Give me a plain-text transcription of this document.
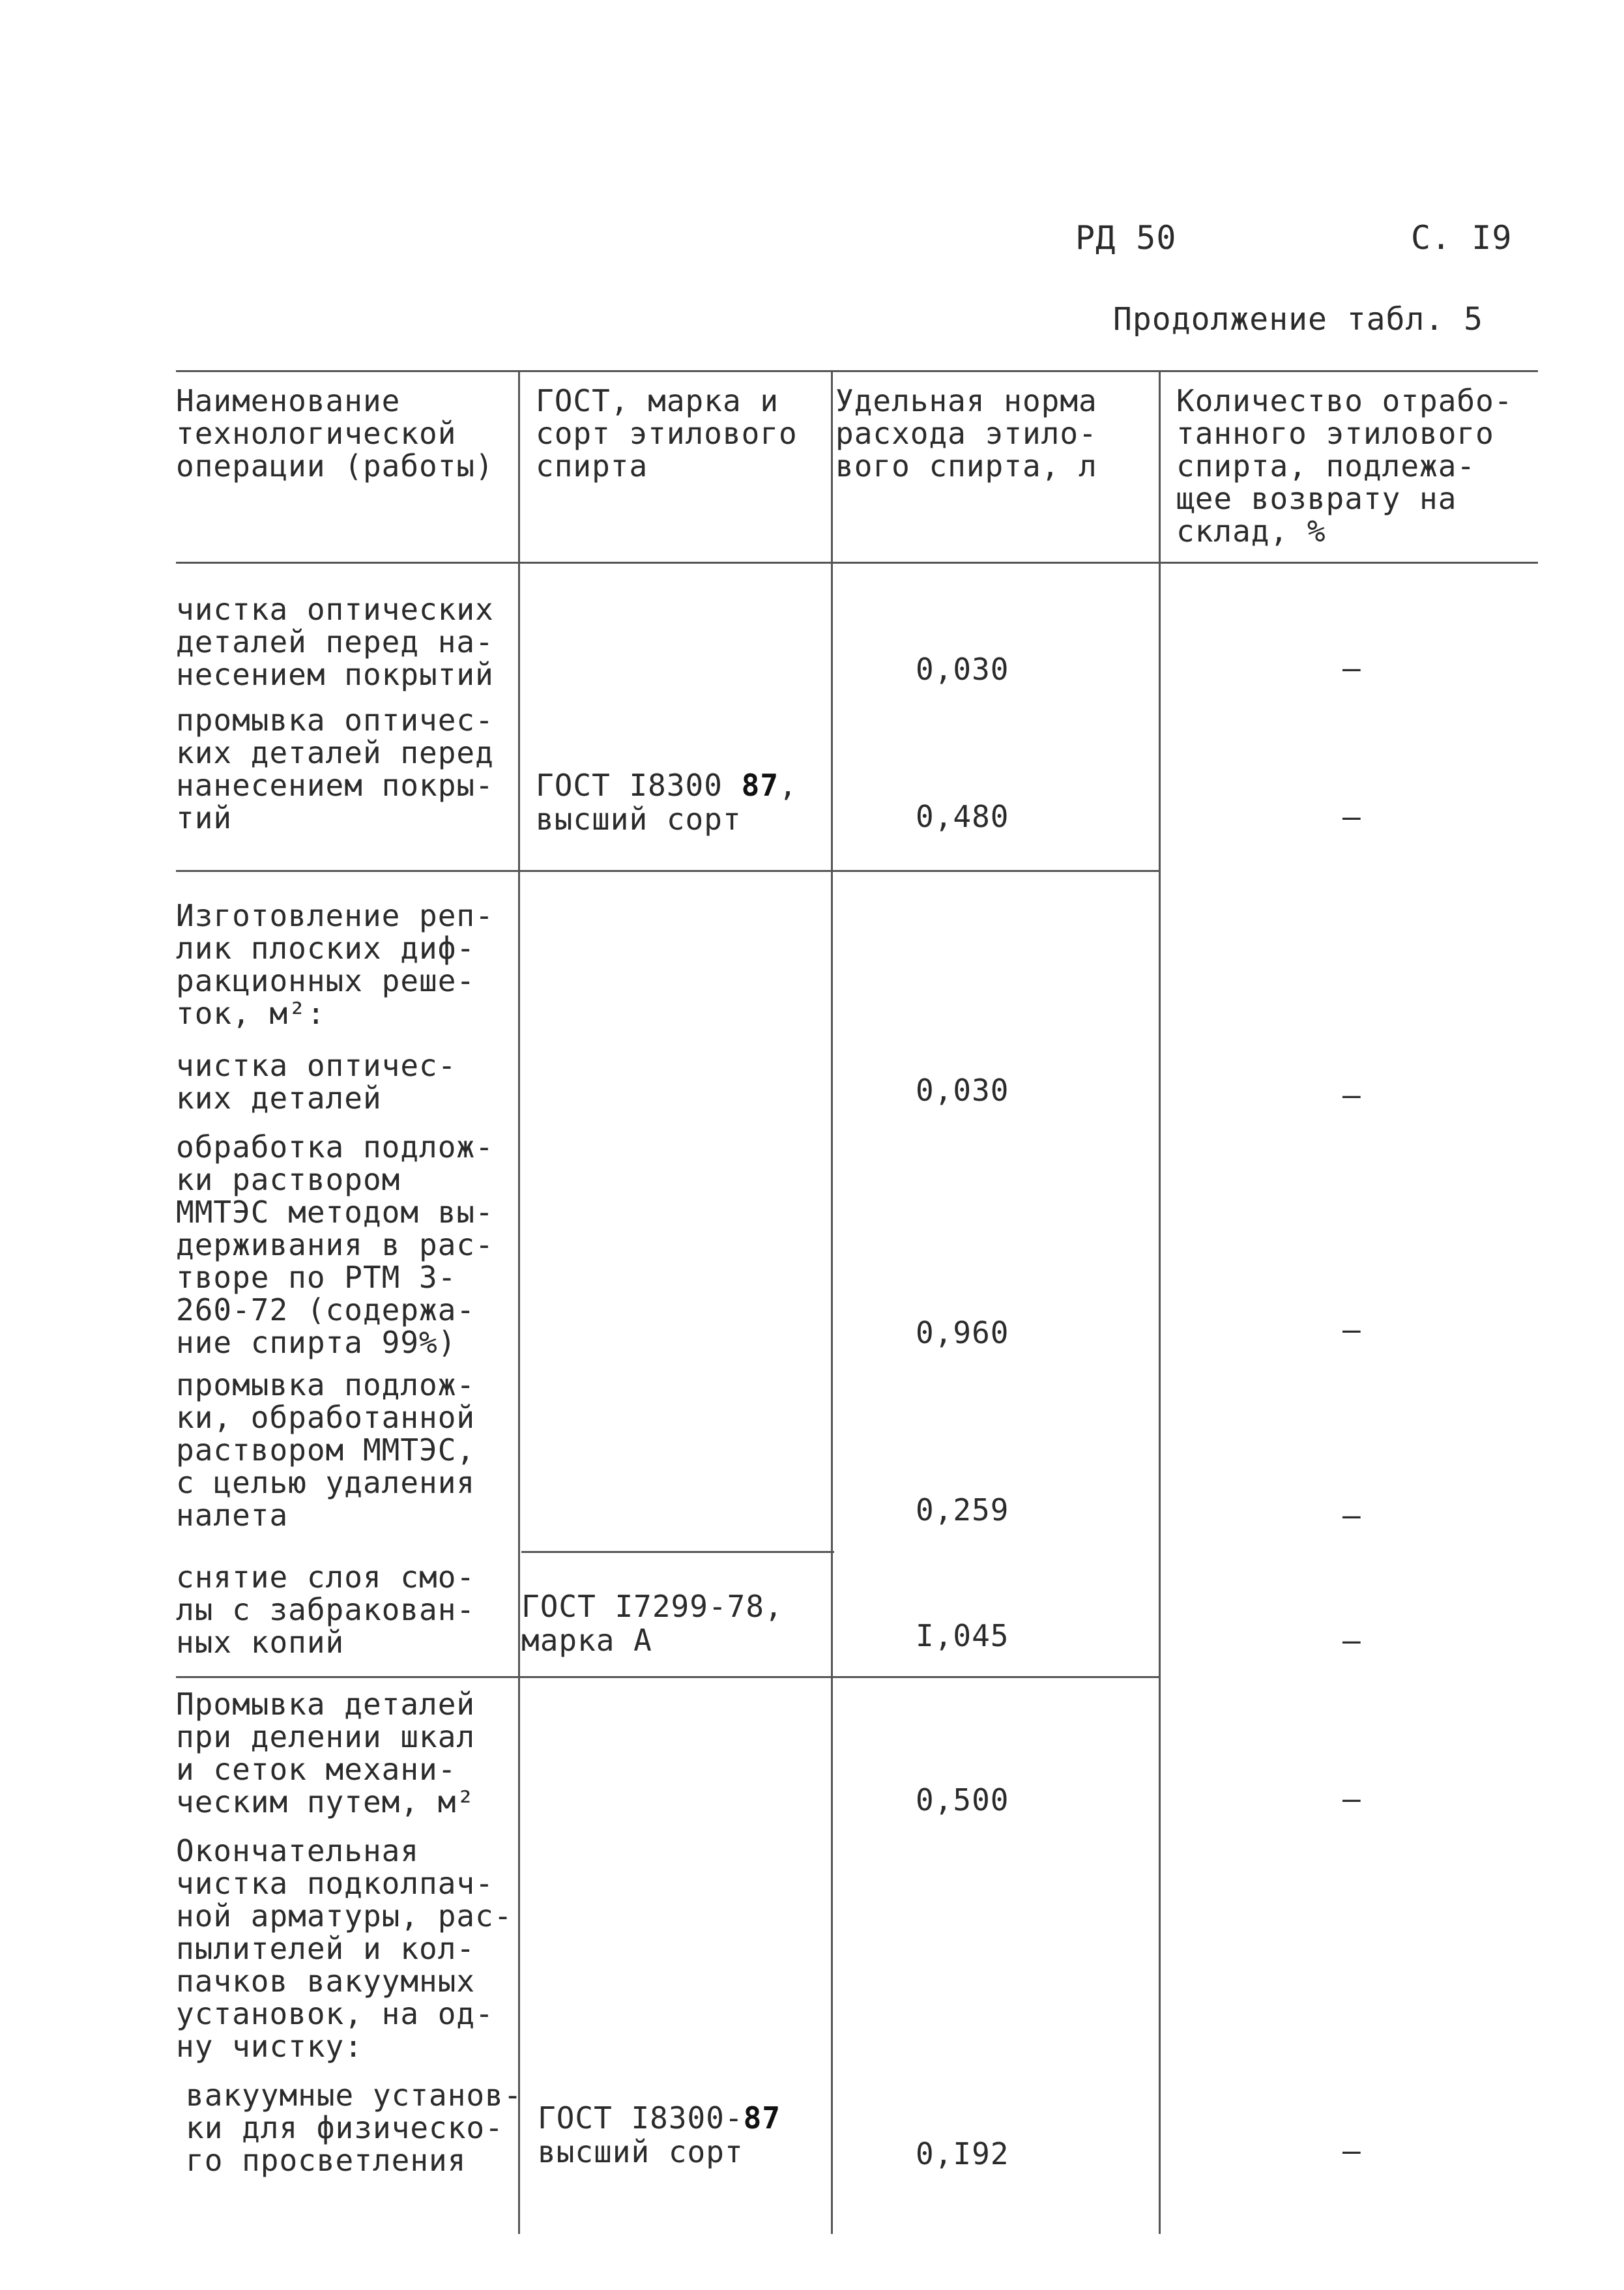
РД 50	С. I9
Продолжение табл. 5
Наименование
технологической
операции (работы)
ГОСТ, марка и
сорт этилового
спирта
Удельная норма
расхода этило-
вого спирта, л
Количество отрабо-
танного этилового
спирта, подлежа-
щее возврату на
склад, %
чистка оптических
деталей перед на-
несением покрытий
промывка оптичес-
ких деталей перед
нанесением покры-
тий
Изготовление реп-
лик плоских диф-
ракционных реше-
ток, м²:
чистка оптичес-
ких деталей
обработка подлож-
ки раствором
ММТЭС методом вы-
держивания в рас-
творе по РТМ 3-
260-72 (содержа-
ние спирта 99%)
промывка подлож-
ки, обработанной
раствором ММТЭС,
с целью удаления
налета
снятие слоя смо-
лы с забракован-
ных копий
Промывка деталей
при делении шкал
и сеток механи-
ческим путем, м²
Окончательная
чистка подколпач-
ной арматуры, рас-
пылителей и кол-
пачков вакуумных
установок, на од-
ну чистку:
вакуумные установ-
ки для физическо-
го просветления
ГОСТ I8300 87,
высший сорт
ГОСТ I7299-78,
марка А
ГОСТ I8300-87
высший сорт
0,030
0,480
0,030
0,960
0,259
I,045
0,500
0,I92
—
—
—
—
—
—
—
—
